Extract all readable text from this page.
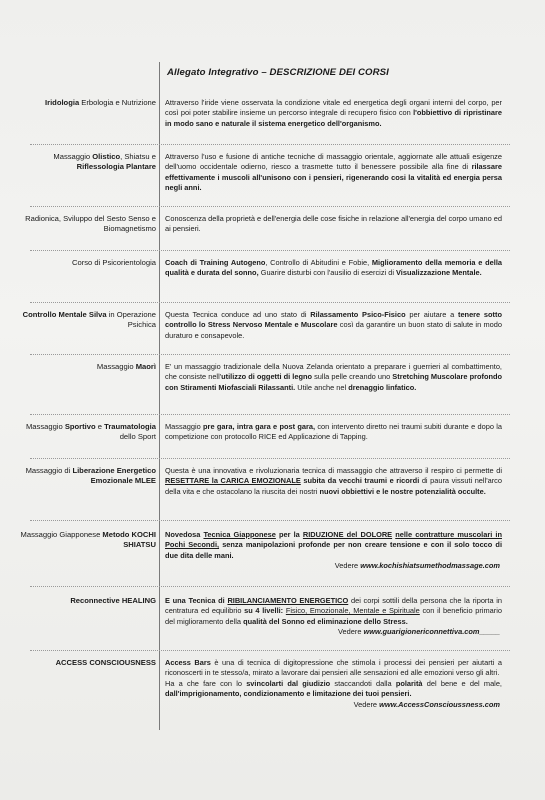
Allegato Integrativo – DESCRIZIONE DEI CORSI
Iridologia Erbologia e Nutrizione Attraverso l'iride viene osservata la condizione vitale ed energetica degli organi interni del corpo, per così poi poter stabilire insieme un percorso integrale di recupero fisico con l'obbiettivo di ripristinare in modo sano e naturale il sistema energetico dell'organismo.
Massaggio Olistico, Shiatsu e Riflessologia Plantare
Attraverso l'uso e fusione di antiche tecniche di massaggio orientale, aggiornate alle attuali esigenze dell'uomo occidentale odierno, riesco a trasmette tutto il benessere possibile alla fine di rilassare effettivamente i muscoli all'unisono con i pensieri, rigenerando cosi la vitalità ed energia persa negli anni.
Radionica, Sviluppo del Sesto Senso e Biomagnetismo
Conoscenza della proprietà e dell'energia delle cose fisiche in relazione all'energia del corpo umano ed ai pensieri.
Corso di Psicorientologia Coach di Training Autogeno, Controllo di Abitudini e Fobie, Miglioramento della memoria e della qualità e durata del sonno, Guarire disturbi con l'ausilio di esercizi di Visualizzazione Mentale.
Controllo Mentale Silva in Operazione Psichica
Questa Tecnica conduce ad uno stato di Rilassamento Psico-Fisico per aiutare a tenere sotto controllo lo Stress Nervoso Mentale e Muscolare così da garantire un buon stato di salute in modo duraturo e consapevole.
Massaggio Maorì E' un massaggio tradizionale della Nuova Zelanda orientato a preparare i guerrieri al combattimento, che consiste nell'utilizzo di oggetti di legno sulla pelle creando uno Stretching Muscolare profondo con Stiramenti Miofasciali Rilassanti. Utile anche nel drenaggio linfatico.
Massaggio Sportivo e Traumatologia dello Sport
Massaggio pre gara, intra gara e post gara, con intervento diretto nei traumi subiti durante e dopo la competizione con protocollo RICE ed Applicazione di Tapping.
Massaggio di Liberazione Energetico Emozionale MLEE
Questa è una innovativa e rivoluzionaria tecnica di massaggio che attraverso il respiro ci permette di RESETTARE la CARICA EMOZIONALE subita da vecchi traumi e ricordi di paura vissuti nell'arco della vita e che ostacolano la riuscita dei nostri nuovi obbiettivi e le nostre potenzialità occulte.
Massaggio Giapponese Metodo KOCHI SHIATSU
Novedosa Tecnica Giapponese per la RIDUZIONE del DOLORE nelle contratture muscolari in Pochi Secondi, senza manipolazioni profonde per non creare tensione e con il solo tocco di due dita delle mani.
Vedere www.kochishiatsumethodmassage.com
Reconnective HEALING E una Tecnica di RIBILANCIAMENTO ENERGETICO dei corpi sottili della persona che la riporta in centratura ed equilibrio su 4 livelli: Fisico, Emozionale, Mentale e Spirituale con il beneficio primario del miglioramento della qualità del Sonno ed eliminazione dello Stress.
Vedere www.guarigionericonnettiva.com_____
ACCESS CONSCIOUSNESS Access Bars è una di tecnica di digitopressione che stimola i processi dei pensieri per aiutarti a riconoscerti in te stesso/a, mirato a lavorare dai pensieri alle sensazioni ed alle emozioni verso gli altri.
Ha a che fare con lo svincolarti dal giudizio staccandoti dalla polarità del bene e del male, dall'imprigionamento, condizionamento e limitazione dei tuoi pensieri.
Vedere www.AccessConscioussness.com
